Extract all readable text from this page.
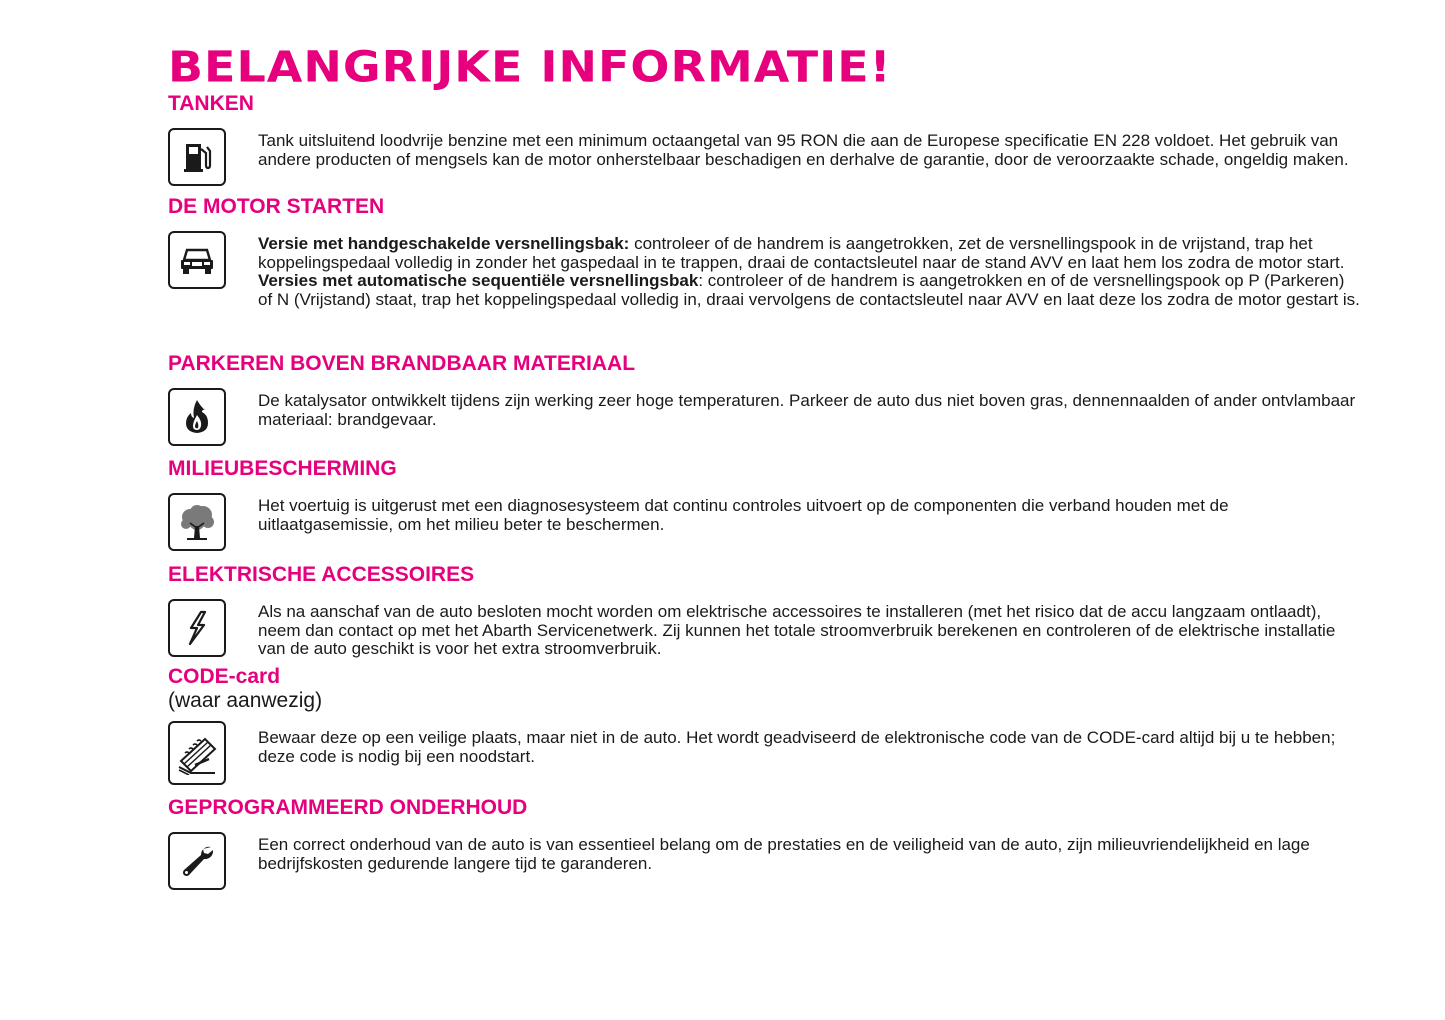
BELANGRIJKE INFORMATIE!
TANKEN

Tank uitsluitend loodvrije benzine met een minimum octaangetal van 95 RON die aan de Europese specificatie EN 228 voldoet. Het gebruik van andere producten of mengsels kan de motor onherstelbaar beschadigen en derhalve de garantie, door de veroorzaakte schade, ongeldig maken.

DE MOTOR STARTEN

Versie met handgeschakelde versnellingsbak: controleer of de handrem is aangetrokken, zet de versnellingspook in de vrijstand, trap het koppelingspedaal volledig in zonder het gaspedaal in te trappen, draai de contactsleutel naar de stand AVV en laat hem los zodra de motor start.

Versies met automatische sequentiële versnellingsbak: controleer of de handrem is aangetrokken en of de versnellingspook op P (Parkeren) of N (Vrijstand) staat, trap het koppelingspedaal volledig in, draai vervolgens de contactsleutel naar AVV en laat deze los zodra de motor gestart is.

PARKEREN BOVEN BRANDBAAR MATERIAAL

De katalysator ontwikkelt tijdens zijn werking zeer hoge temperaturen. Parkeer de auto dus niet boven gras, dennennaalden of ander ontvlambaar materiaal: brandgevaar.

MILIEUBESCHERMING

Het voertuig is uitgerust met een diagnosesysteem dat continu controles uitvoert op de componenten die verband houden met de uitlaatgasemissie, om het milieu beter te beschermen.

ELEKTRISCHE ACCESSOIRES

Als na aanschaf van de auto besloten mocht worden om elektrische accessoires te installeren (met het risico dat de accu langzaam ontlaadt), neem dan contact op met het Abarth Servicenetwerk. Zij kunnen het totale stroomverbruik berekenen en controleren of de elektrische installatie van de auto geschikt is voor het extra stroomverbruik.

CODE-card
(waar aanwezig)

Bewaar deze op een veilige plaats, maar niet in de auto. Het wordt geadviseerd de elektronische code van de CODE-card altijd bij u te hebben; deze code is nodig bij een noodstart.

GEPROGRAMMEERD ONDERHOUD

Een correct onderhoud van de auto is van essentieel belang om de prestaties en de veiligheid van de auto, zijn milieuvriendelijkheid en lage bedrijfskosten gedurende langere tijd te garanderen.
